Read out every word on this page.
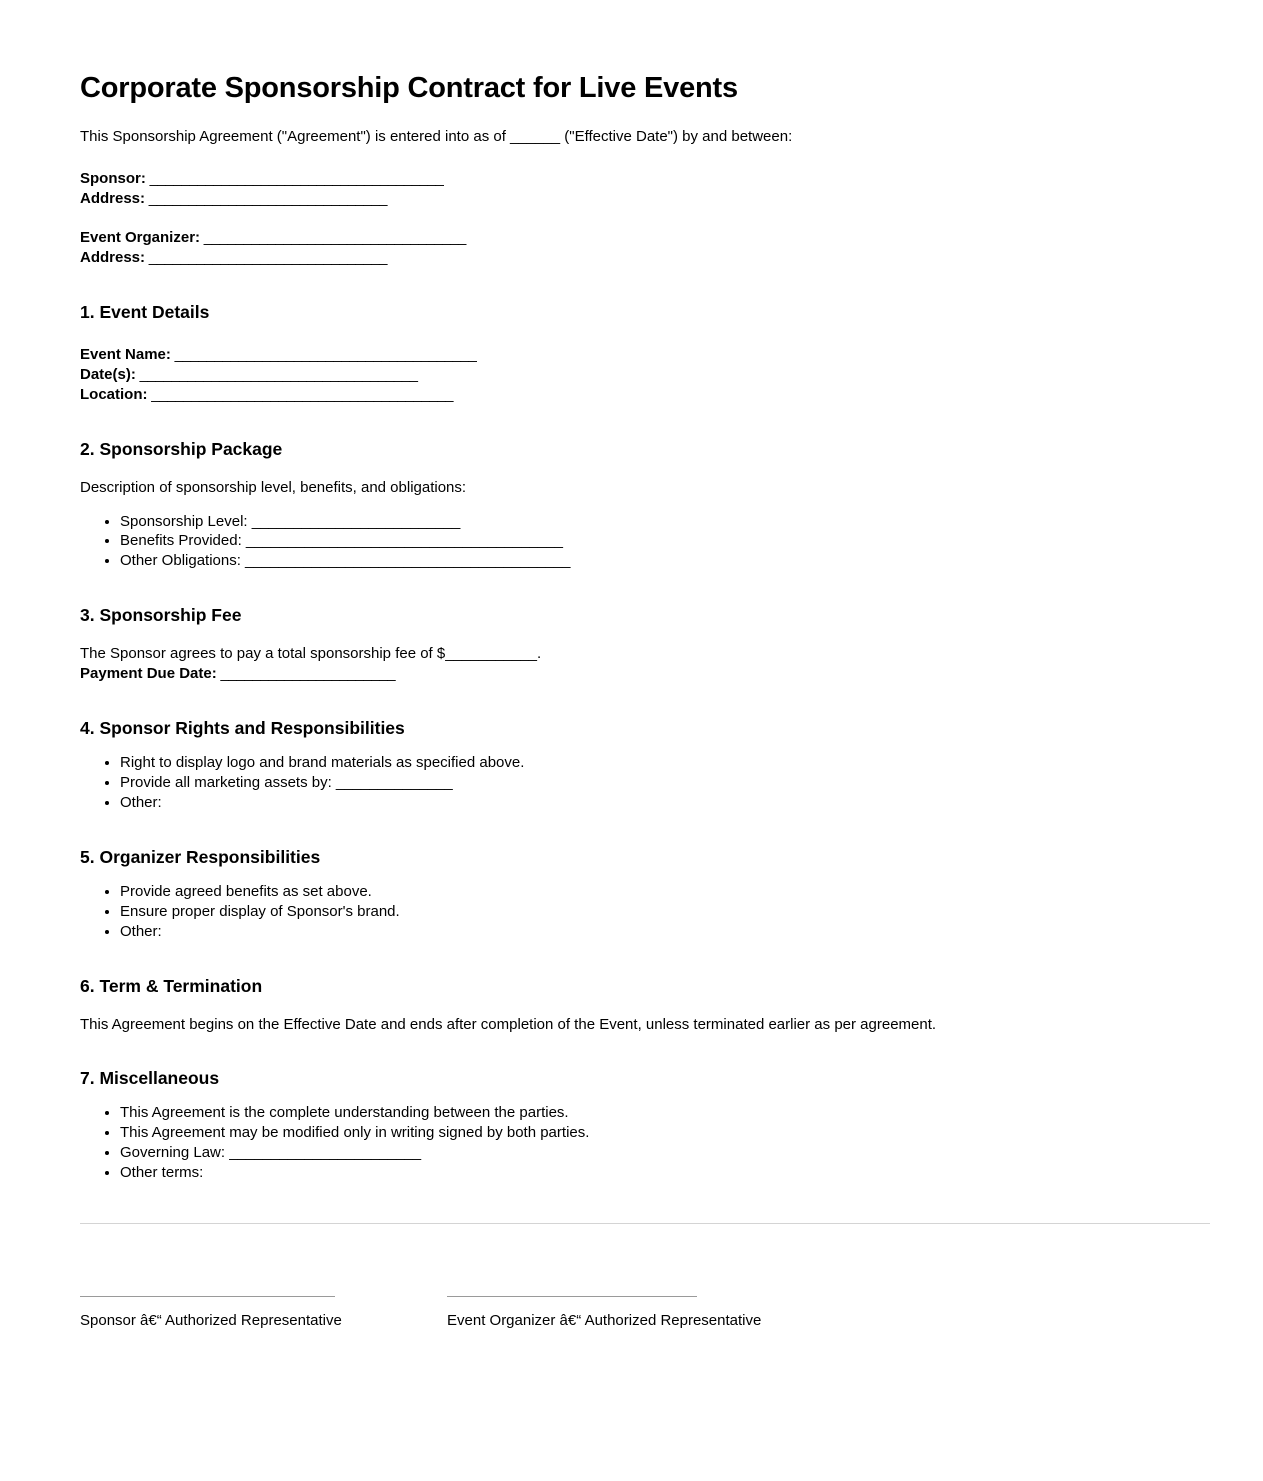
Corporate Sponsorship Contract for Live Events

This Sponsorship Agreement ("Agreement") is entered into as of ______ ("Effective Date") by and between:

Sponsor: _____________________________________
Address: ______________________________
Event Organizer: _________________________________
Address: ______________________________
1. Event Details
Event Name: ______________________________________
Date(s): ___________________________________
Location: ______________________________________
2. Sponsorship Package

Description of sponsorship level, benefits, and obligations:

• Sponsorship Level: _________________________
• Benefits Provided: ______________________________________
• Other Obligations: _______________________________________
3. Sponsorship Fee

The Sponsor agrees to pay a total sponsorship fee of $___________.

Payment Due Date: ______________________
4. Sponsor Rights and Responsibilities
• Right to display logo and brand materials as specified above.
• Provide all marketing assets by: ______________
• Other:
5. Organizer Responsibilities
• Provide agreed benefits as set above.
• Ensure proper display of Sponsor's brand.
• Other:
6. Term & Termination

This Agreement begins on the Effective Date and ends after completion of the Event, unless terminated earlier as per agreement.

7. Miscellaneous
• This Agreement is the complete understanding between the parties.
• This Agreement may be modified only in writing signed by both parties.
• Governing Law: _______________________
• Other terms:
Sponsor â€“ Authorized Representative	Event Organizer â€“ Authorized Representative
